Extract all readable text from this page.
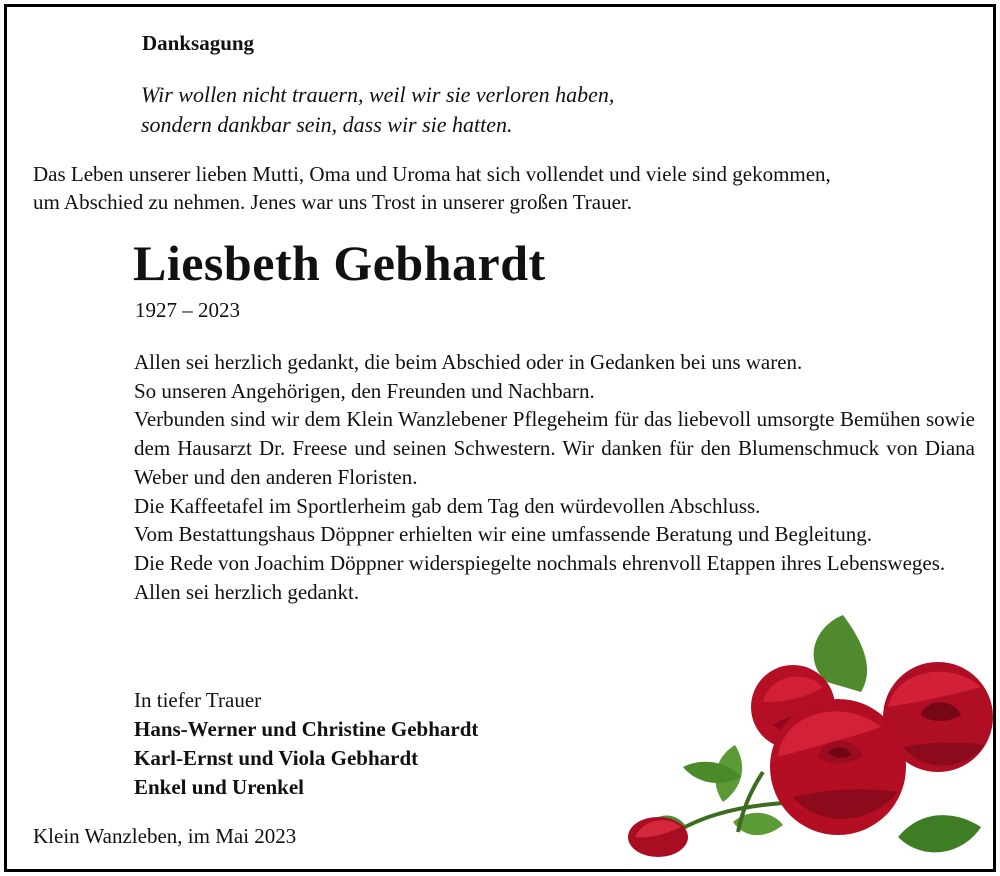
Danksagung
Wir wollen nicht trauern, weil wir sie verloren haben,
sondern dankbar sein, dass wir sie hatten.
Das Leben unserer lieben Mutti, Oma und Uroma hat sich vollendet und viele sind gekommen,
um Abschied zu nehmen. Jenes war uns Trost in unserer großen Trauer.
Liesbeth Gebhardt
1927 – 2023

Allen sei herzlich gedankt, die beim Abschied oder in Gedanken bei uns waren.

So unseren Angehörigen, den Freunden und Nachbarn.

Verbunden sind wir dem Klein Wanzlebener Pflegeheim für das liebevoll umsorgte Bemühen sowie dem Hausarzt Dr. Freese und seinen Schwestern. Wir danken für den Blumenschmuck von Diana Weber und den anderen Floristen.

Die Kaffeetafel im Sportlerheim gab dem Tag den würdevollen Abschluss.

Vom Bestattungshaus Döppner erhielten wir eine umfassende Beratung und Begleitung.

Die Rede von Joachim Döppner widerspiegelte nochmals ehrenvoll Etappen ihres Lebensweges.

Allen sei herzlich gedankt.

In tiefer Trauer
Hans-Werner und Christine Gebhardt
Karl-Ernst und Viola Gebhardt
Enkel und Urenkel
Klein Wanzleben, im Mai 2023
